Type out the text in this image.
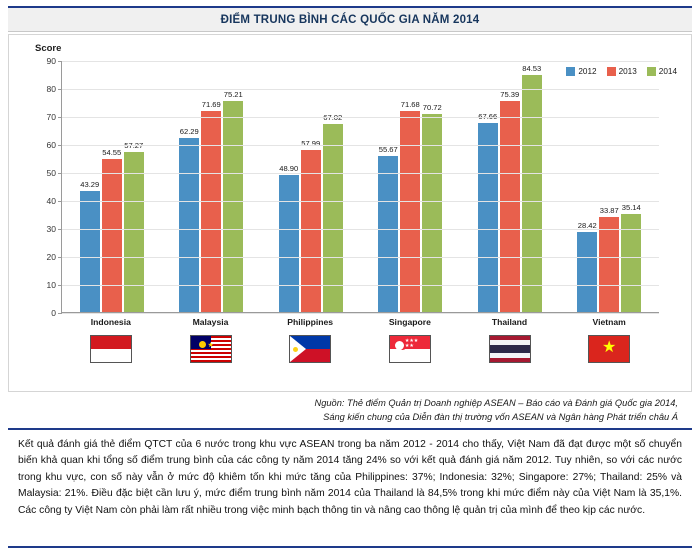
ĐIỂM TRUNG BÌNH CÁC QUỐC GIA NĂM 2014
Score
2012	2013	2014
43.29
54.55
57.27
62.29
71.69
75.21
48.90
57.99
67.02
55.67
71.68 70.72
67.66
75.39
84.53
28.42
33.87 35.14
0
10
20
30
40
50
60
70
80
90
Indonesia	Malaysia	Philippines	Singapore	Thailand	Vietnam
★
★★★
★★	★
Nguồn: Thẻ điểm Quản trị Doanh nghiệp ASEAN – Báo cáo và Đánh giá Quốc gia 2014,
Sáng kiến chung của Diễn đàn thị trường vốn ASEAN và Ngân hàng Phát triển châu Á
Kết quả đánh giá thẻ điểm QTCT của 6 nước trong khu vực ASEAN trong ba năm 2012 - 2014 cho thấy, Việt Nam đã đạt được một số chuyển biến khả quan khi tổng số điểm trung bình của các công ty năm 2014 tăng 24% so với kết quả đánh giá năm 2012. Tuy nhiên, so với các nước trong khu vực, con số này vẫn ở mức độ khiêm tốn khi mức tăng của Philippines: 37%; Indonesia: 32%; Singapore: 27%; Thailand: 25% và Malaysia: 21%. Điều đặc biệt cần lưu ý, mức điểm trung bình năm 2014 của Thailand là 84,5% trong khi mức điểm này của Việt Nam là 35,1%. Các công ty Việt Nam còn phải làm rất nhiều trong việc minh bạch thông tin và nâng cao thông lệ quản trị của mình để theo kịp các nước.
